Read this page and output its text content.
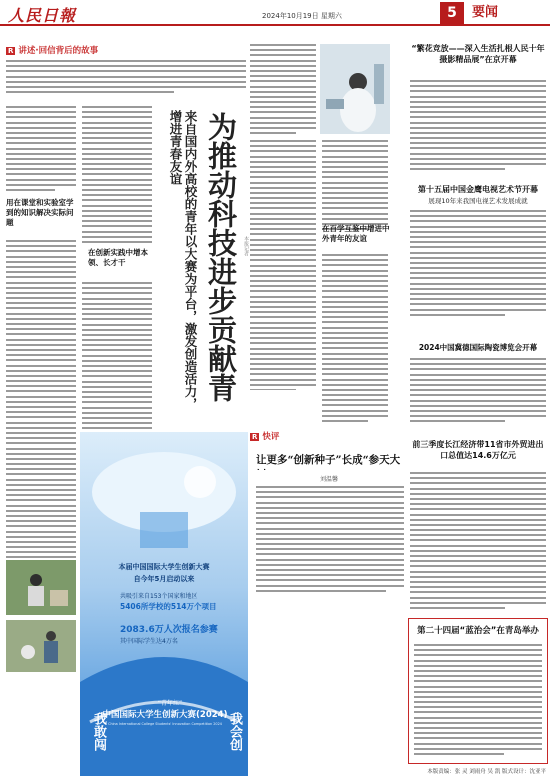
人民日報	2024年10月19日 星期六	5	要闻
R 讲述·回信背后的故事
用在课堂和实验室学到的知识解决实际问题
在创新实践中增本领、长才干
为推动科技进步贡献青
来自国内外高校的青年以大赛为平台，激发创造活力，增进青春友谊
本报记者
在百学互鉴中增进中外青年的友谊
R 快评
让更多“创新种子”长成“参天大
刘温馨
本届中国国际大学生创新大赛
自今年5月启动以来
共吸引来自153个国家和地区
5406所学校的514万个项目
2083.6万人次报名参赛
其中国际学生达4万名
“青年红”
中国国际大学生创新大赛(2024)
China International College Students' Innovation Competition 2024
我敢闯	我会创
“繁花竞放——深入生活扎根人民十年摄影精品展”在京开幕
第十五届中国金鹰电视艺术节开幕
展现10年来我国电视艺术发展成就
2024中国冀德国际陶瓷博览会开幕
前三季度长江经济带11省市外贸进出口总值达14.6万亿元
第二十四届“蓝治会”在青岛举办
本版责编：张 灵 刘雨舟 吴 凯 版式设计：沈亚平
